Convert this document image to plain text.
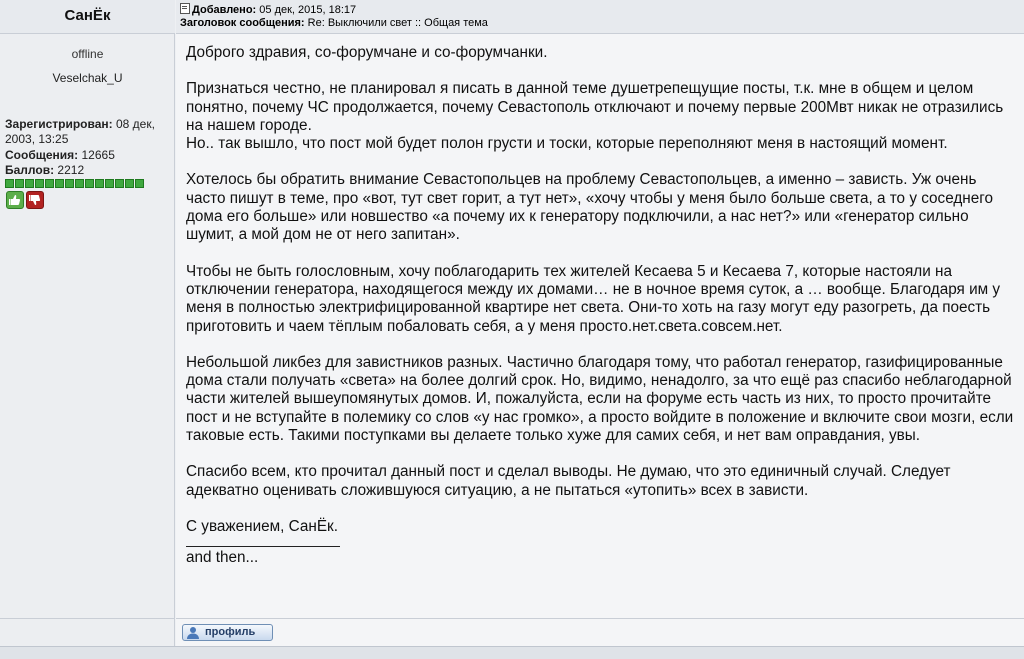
СанЁк	Добавлено: 05 дек, 2015, 18:17
Заголовок сообщения: Re: Выключили свет :: Общая тема
offline
Veselchak_U
Зарегистрирован: 08 дек, 2003, 13:25
Сообщения: 12665
Баллов: 2212

Доброго здравия, со-форумчане и со-форумчанки.

Признаться честно, не планировал я писать в данной теме душетрепещущие посты, т.к. мне в общем и целом понятно, почему ЧС продолжается, почему Севастополь отключают и почему первые 200Мвт никак не отразились на нашем городе.
Но.. так вышло, что пост мой будет полон грусти и тоски, которые переполняют меня в настоящий момент.

Хотелось бы обратить внимание Севастопольцев на проблему Севастопольцев, а именно – зависть. Уж очень часто пишут в теме, про «вот, тут свет горит, а тут нет», «хочу чтобы у меня было больше света, а то у соседнего дома его больше» или новшество «а почему их к генератору подключили, а нас нет?» или «генератор сильно шумит, а мой дом не от него запитан».

Чтобы не быть голословным, хочу поблагодарить тех жителей Кесаева 5 и Кесаева 7, которые настояли на отключении генератора, находящегося между их домами… не в ночное время суток, а … вообще. Благодаря им у меня в полностью электрифицированной квартире нет света. Они-то хоть на газу могут еду разогреть, да поесть приготовить и чаем тёплым побаловать себя, а у меня просто.нет.света.совсем.нет.

Небольшой ликбез для завистников разных. Частично благодаря тому, что работал генератор, газифицированные дома стали получать «света» на более долгий срок. Но, видимо, ненадолго, за что ещё раз спасибо неблагодарной части жителей вышеупомянутых домов. И, пожалуйста, если на форуме есть часть из них, то просто прочитайте пост и не вступайте в полемику со слов «у нас громко», а просто войдите в положение и включите свои мозги, если таковые есть. Такими поступками вы делаете только хуже для самих себя, и нет вам оправдания, увы.

Спасибо всем, кто прочитал данный пост и сделал выводы. Не думаю, что это единичный случай. Следует адекватно оценивать сложившуюся ситуацию, а не пытаться «утопить» всех в зависти.

С уважением, СанЁк.

and then...
профиль
